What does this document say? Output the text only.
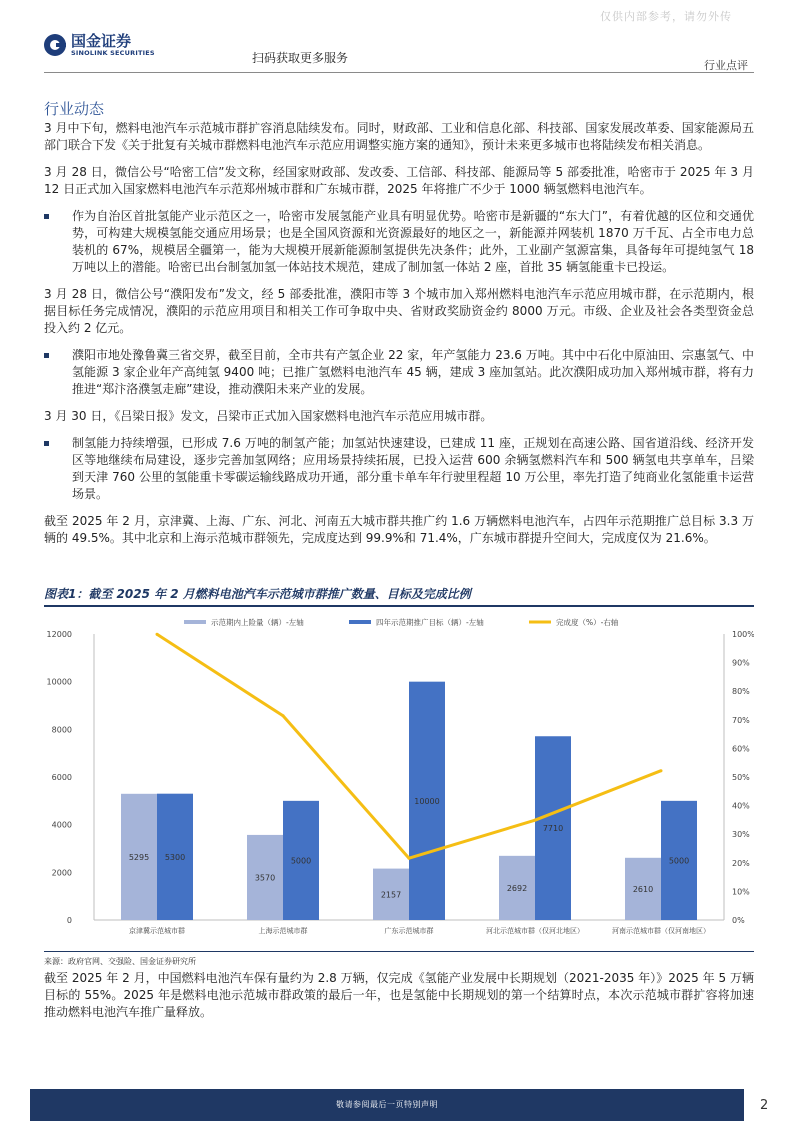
仅供内部参考，请勿外传
国金证券
SINOLINK SECURITIES	扫码获取更多服务
行业点评
行业动态

3 月中下旬，燃料电池汽车示范城市群扩容消息陆续发布。同时，财政部、工业和信息化部、科技部、国家发展改革委、国家能源局五部门联合下发《关于批复有关城市群燃料电池汽车示范应用调整实施方案的通知》，预计未来更多城市也将陆续发布相关消息。

3 月 28 日，微信公号“哈密工信”发文称，经国家财政部、发改委、工信部、科技部、能源局等 5 部委批准，哈密市于 2025 年 3 月 12 日正式加入国家燃料电池汽车示范郑州城市群和广东城市群，2025 年将推广不少于 1000 辆氢燃料电池汽车。

作为自治区首批氢能产业示范区之一，哈密市发展氢能产业具有明显优势。哈密市是新疆的“东大门”，有着优越的区位和交通优势，可构建大规模氢能交通应用场景；也是全国风资源和光资源最好的地区之一，新能源并网装机 1870 万千瓦、占全市电力总装机的 67%，规模居全疆第一，能为大规模开展新能源制氢提供先决条件；此外，工业副产氢源富集，具备每年可提纯氢气 18 万吨以上的潜能。哈密已出台制氢加氢一体站技术规范，建成了制加氢一体站 2 座，首批 35 辆氢能重卡已投运。

3 月 28 日，微信公号“濮阳发布”发文，经 5 部委批准，濮阳市等 3 个城市加入郑州燃料电池汽车示范应用城市群，在示范期内，根据目标任务完成情况，濮阳的示范应用项目和相关工作可争取中央、省财政奖励资金约 8000 万元。市级、企业及社会各类型资金总投入约 2 亿元。

濮阳市地处豫鲁冀三省交界，截至目前，全市共有产氢企业 22 家，年产氢能力 23.6 万吨。其中中石化中原油田、宗惠氢气、中氢能源 3 家企业年产高纯氢 9400 吨；已推广氢燃料电池汽车 45 辆，建成 3 座加氢站。此次濮阳成功加入郑州城市群，将有力推进“郑汴洛濮氢走廊”建设，推动濮阳未来产业的发展。

3 月 30 日，《吕梁日报》发文，吕梁市正式加入国家燃料电池汽车示范应用城市群。

制氢能力持续增强，已形成 7.6 万吨的制氢产能；加氢站快速建设，已建成 11 座，正规划在高速公路、国省道沿线、经济开发区等地继续布局建设，逐步完善加氢网络；应用场景持续拓展，已投入运营 600 余辆氢燃料汽车和 500 辆氢电共享单车，吕梁到天津 760 公里的氢能重卡零碳运输线路成功开通，部分重卡单车年行驶里程超 10 万公里，率先打造了纯商业化氢能重卡运营场景。

截至 2025 年 2 月，京津冀、上海、广东、河北、河南五大城市群共推广约 1.6 万辆燃料电池汽车，占四年示范期推广总目标 3.3 万辆的 49.5%。其中北京和上海示范城市群领先，完成度达到 99.9%和 71.4%，广东城市群提升空间大，完成度仅为 21.6%。

图表1：截至 2025 年 2 月燃料电池汽车示范城市群推广数量、目标及完成比例
0
2000
4000
6000
8000
10000
12000
0%
10%
20%
30%
40%
50%
60%
70%
80%
90%
100%
示范期内上险量（辆）-左轴	四年示范期推广目标（辆）-左轴	完成度（%）-右轴
5295 5300
京津冀示范城市群
3570
5000
上海示范城市群
2157
10000
广东示范城市群
2692
7710
河北示范城市群（仅河北地区）
2610
5000
河南示范城市群（仅河南地区）
来源：政府官网、交强险、国金证券研究所
截至 2025 年 2 月，中国燃料电池汽车保有量约为 2.8 万辆，仅完成《氢能产业发展中长期规划（2021-2035 年）》2025 年 5 万辆目标的 55%。2025 年是燃料电池示范城市群政策的最后一年，也是氢能中长期规划的第一个结算时点，本次示范城市群扩容将加速推动燃料电池汽车推广量释放。
敬请参阅最后一页特别声明	2
